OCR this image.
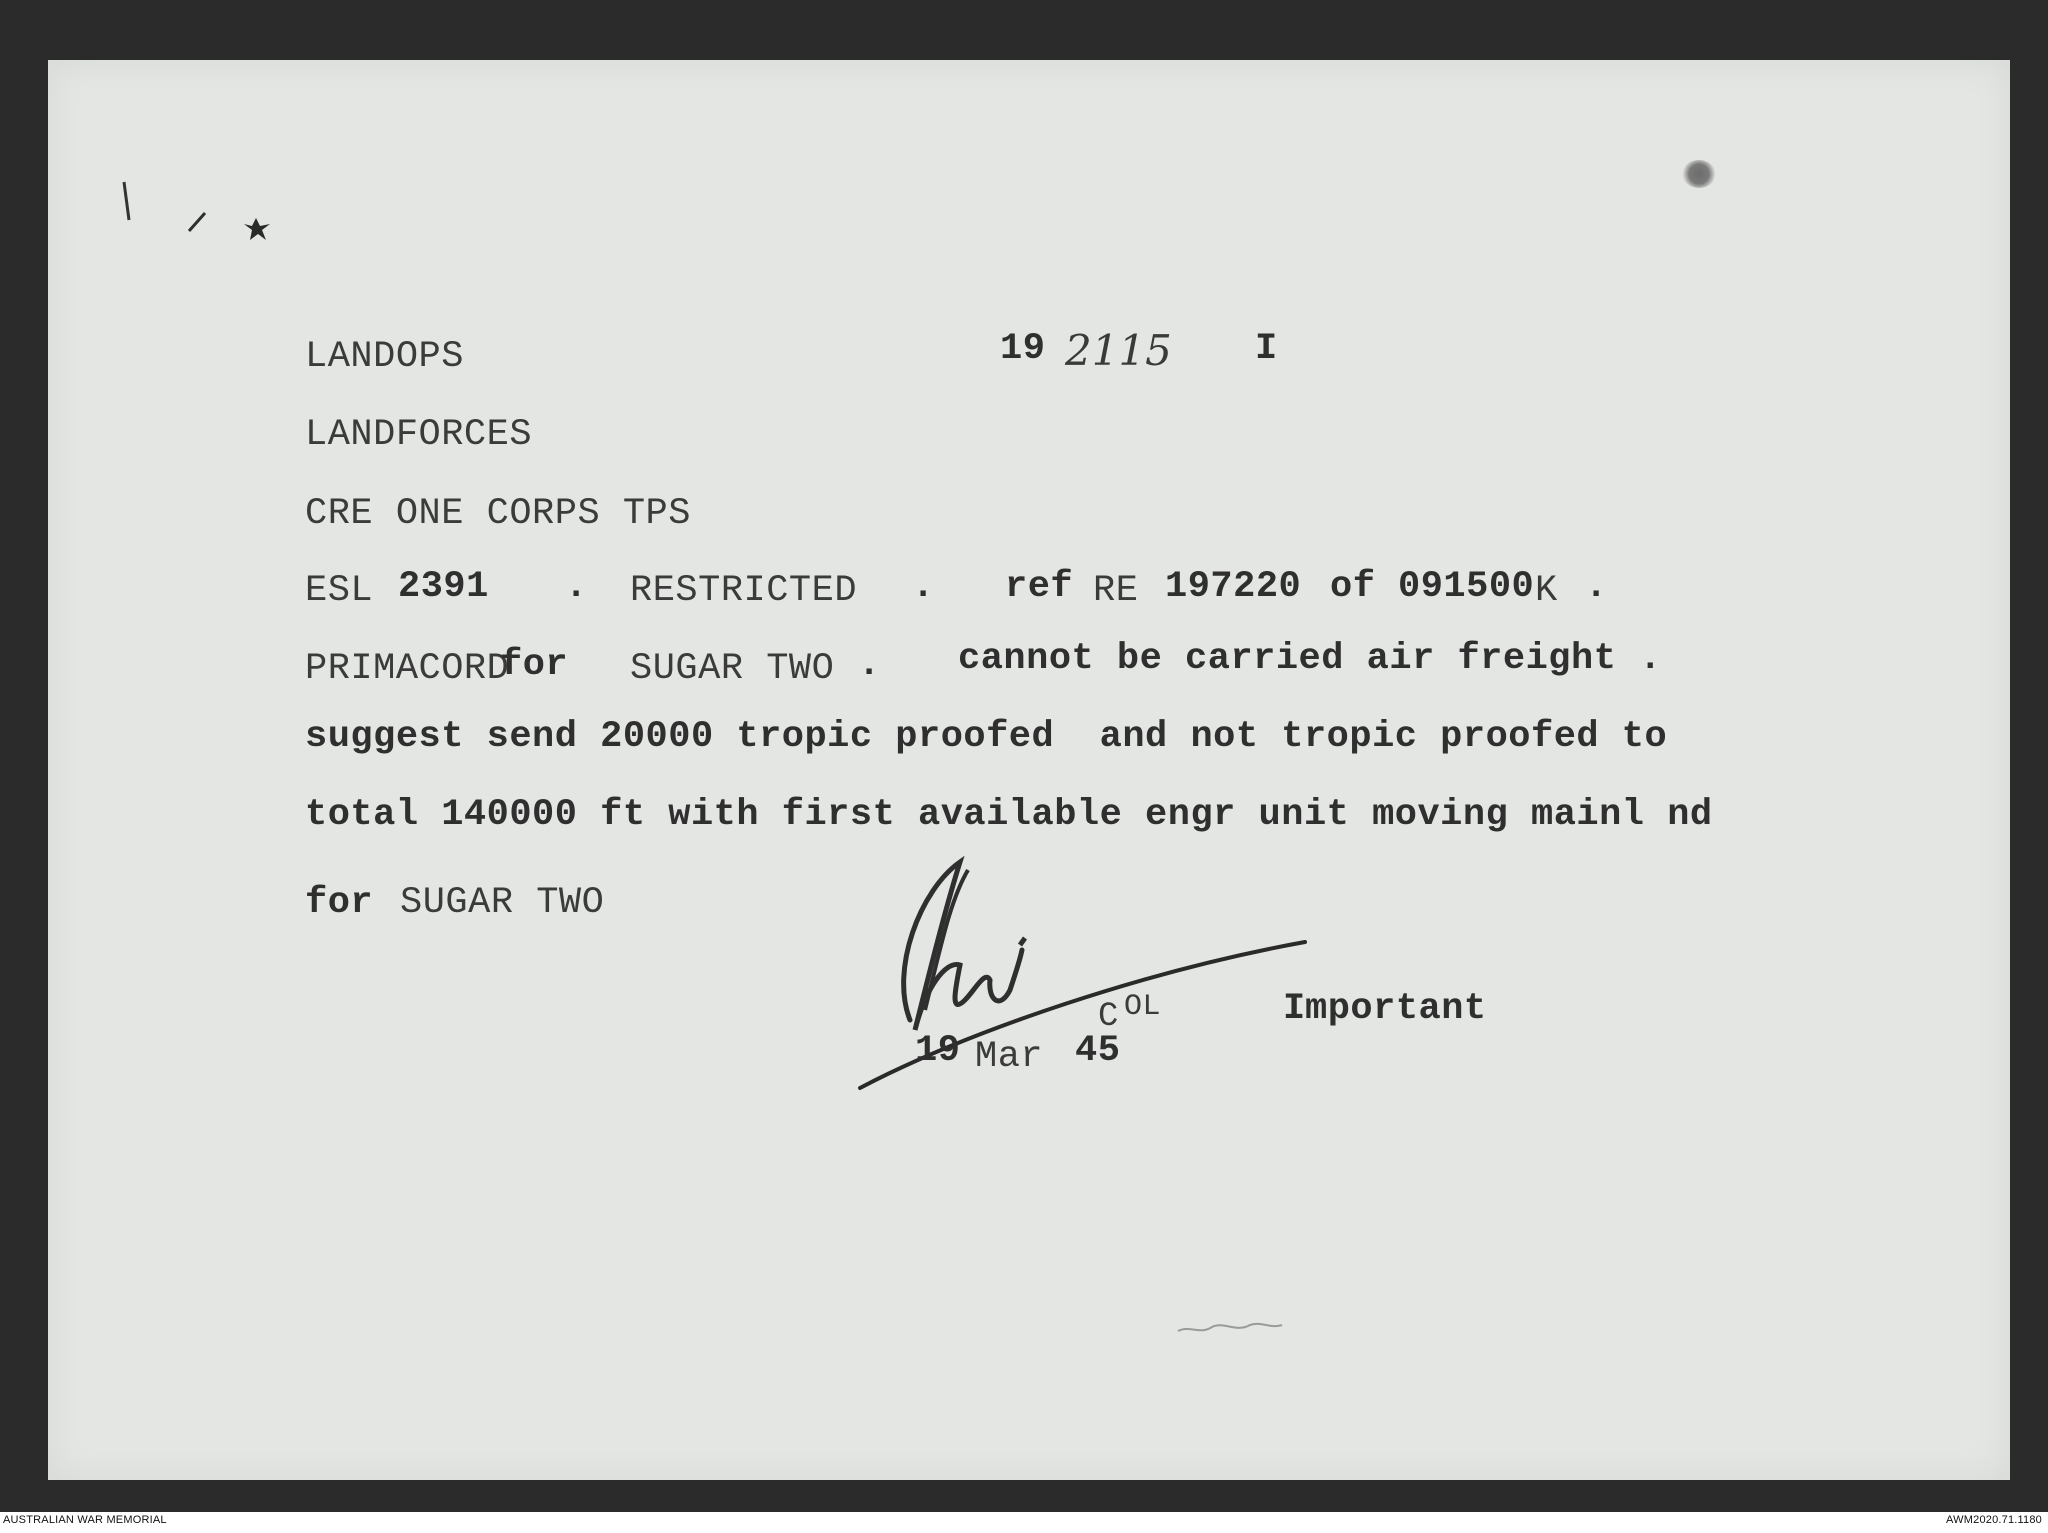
LANDOPS
LANDFORCES
CRE ONE CORPS TPS
19 2115 I
ESL 2391 . RESTRICTED . ref RE 197220 of 091500 K .
PRIMACORD
for SUGAR TWO . cannot be carried air freight .
suggest send 20000 tropic proofed  and not tropic proofed to
total 140000 ft with first available engr unit moving mainl nd
for SUGAR TWO
C OL	I mportant
19 Mar 45
AUSTRALIAN WAR MEMORIAL	AWM2020.71.1180
